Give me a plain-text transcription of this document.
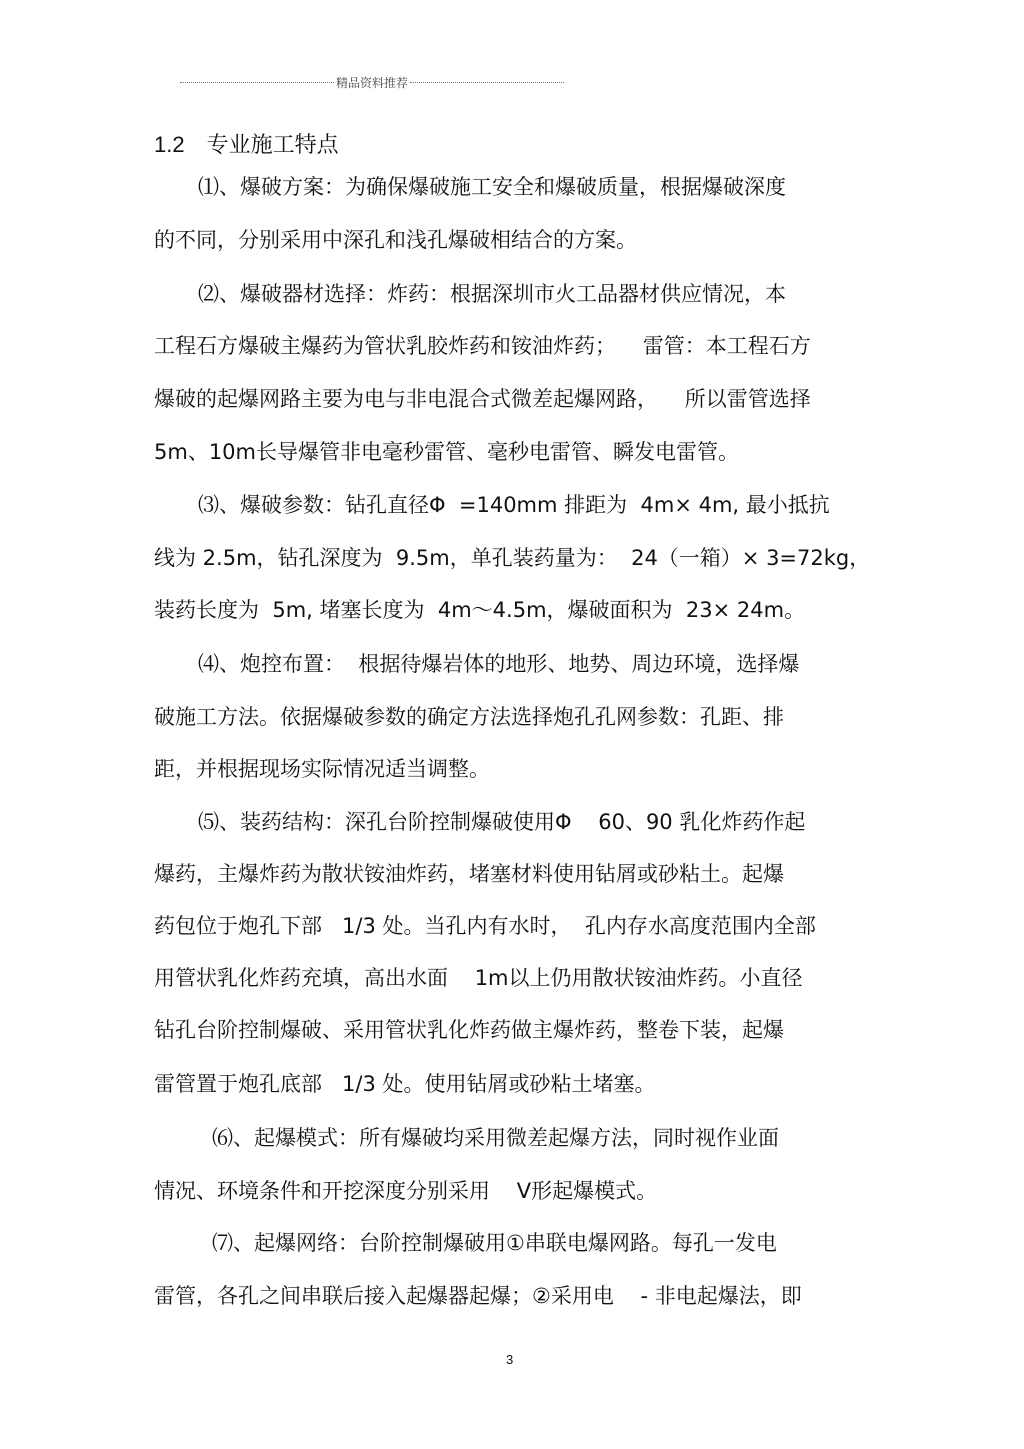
精品资料推荐
1.2 专业施工特点
⑴、爆破方案：为确保爆破施工安全和爆破质量，根据爆破深度
的不同，分别采用中深孔和浅孔爆破相结合的方案。
⑵、爆破器材选择：炸药：根据深圳市火工品器材供应情况，本
工程石方爆破主爆药为管状乳胶炸药和铵油炸药；    雷管：本工程石方
爆破的起爆网路主要为电与非电混合式微差起爆网路，    所以雷管选择
5m、10m长导爆管非电毫秒雷管、毫秒电雷管、瞬发电雷管。
⑶、爆破参数：钻孔直径Φ  =140mm 排距为  4m× 4m, 最小抵抗
线为 2.5m，钻孔深度为  9.5m，单孔装药量为：  24（一箱）× 3=72kg，
装药长度为  5m, 堵塞长度为  4m～4.5m，爆破面积为  23× 24m。
⑷、炮控布置：  根据待爆岩体的地形、地势、周边环境，选择爆
破施工方法。依据爆破参数的确定方法选择炮孔孔网参数：孔距、排
距，并根据现场实际情况适当调整。
⑸、装药结构：深孔台阶控制爆破使用Φ    60、90 乳化炸药作起
爆药，主爆炸药为散状铵油炸药，堵塞材料使用钻屑或砂粘土。起爆
药包位于炮孔下部   1/3 处。当孔内有水时，  孔内存水高度范围内全部
用管状乳化炸药充填，高出水面    1m以上仍用散状铵油炸药。小直径
钻孔台阶控制爆破、采用管状乳化炸药做主爆炸药，整卷下装，起爆
雷管置于炮孔底部   1/3 处。使用钻屑或砂粘土堵塞。
⑹、起爆模式：所有爆破均采用微差起爆方法，同时视作业面
情况、环境条件和开挖深度分别采用    V形起爆模式。
⑺、起爆网络：台阶控制爆破用①串联电爆网路。每孔一发电
雷管，各孔之间串联后接入起爆器起爆；②采用电    - 非电起爆法，即
3
